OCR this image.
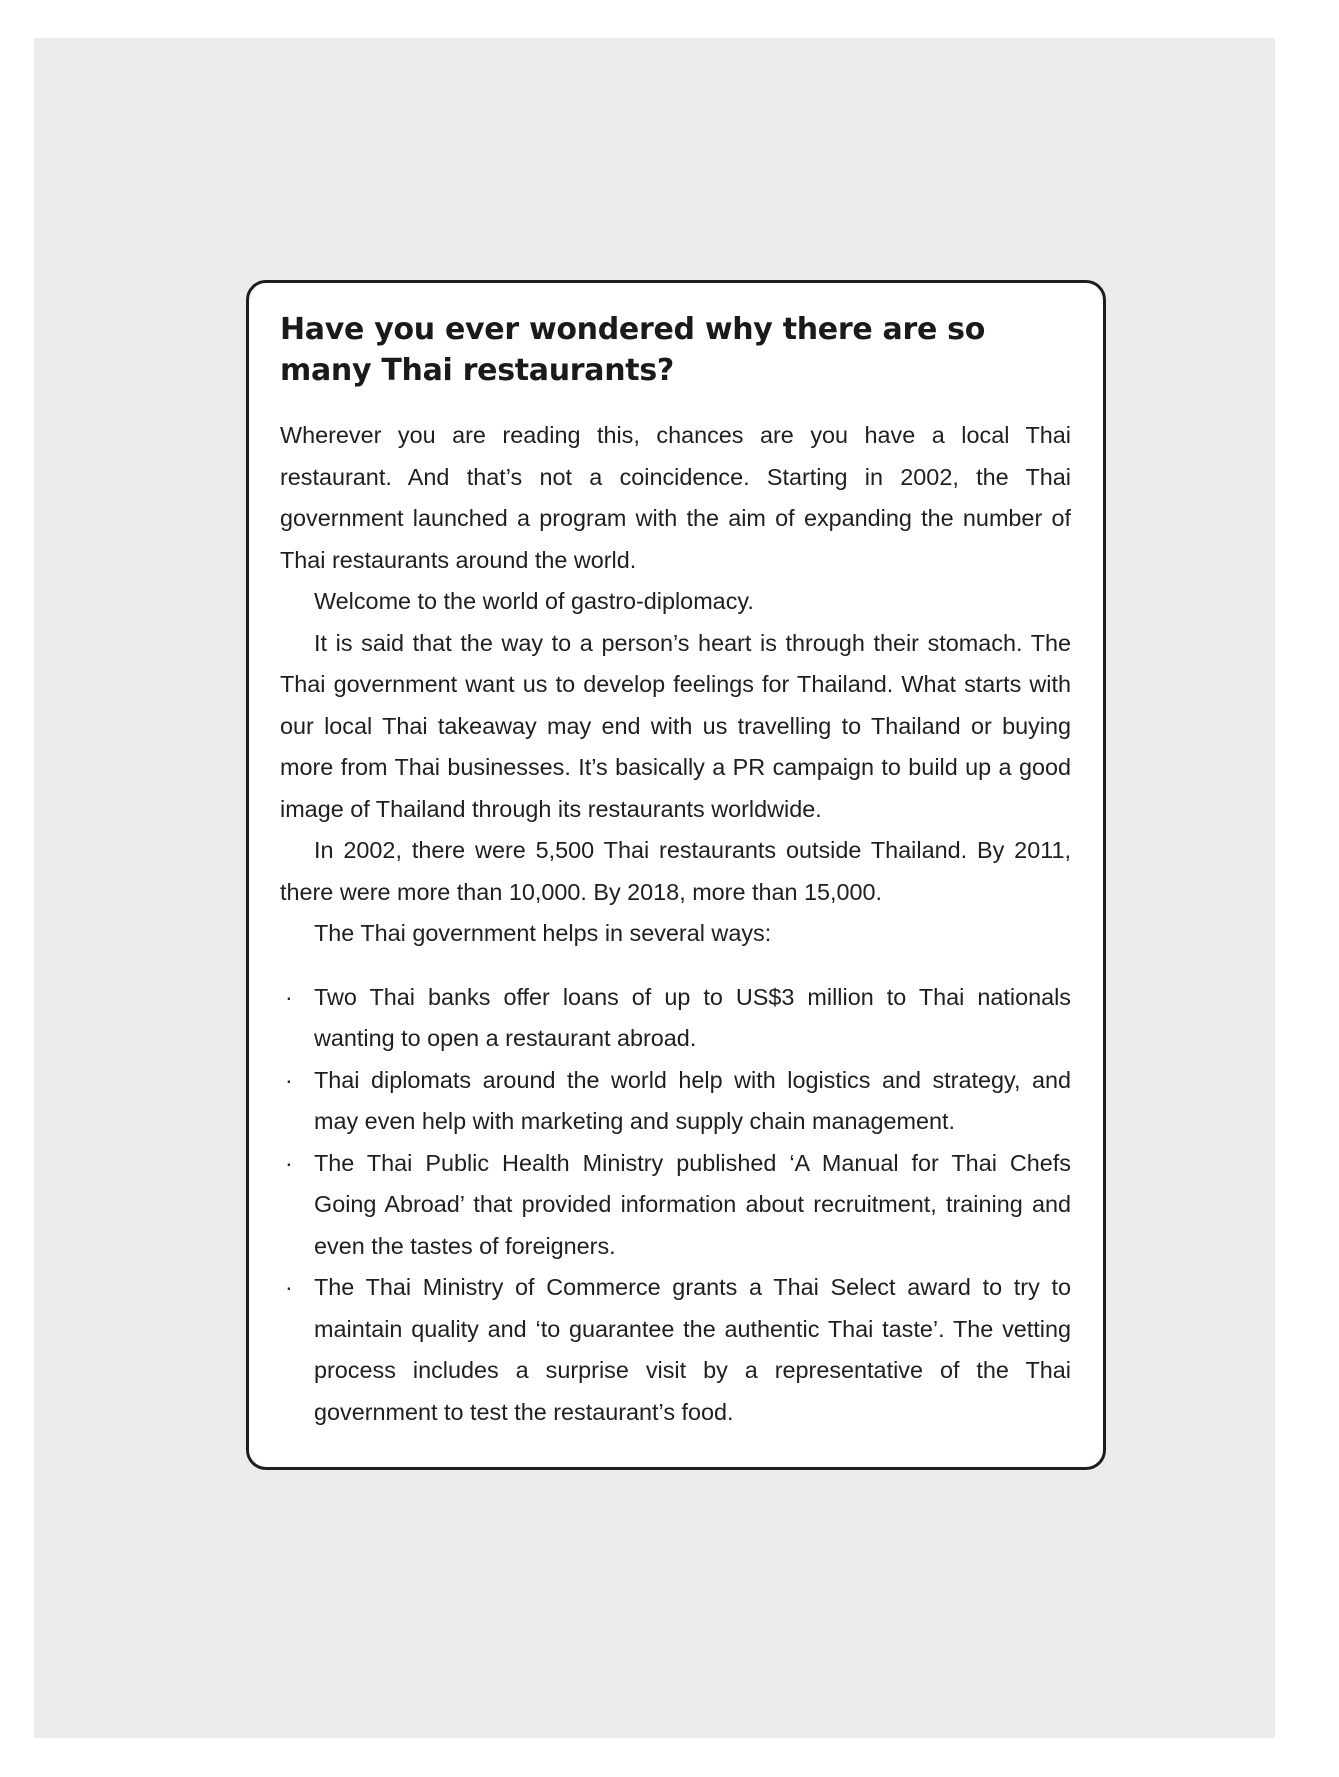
Have you ever wondered why there are so many Thai restaurants?

Wherever you are reading this, chances are you have a local Thai restaurant. And that’s not a coincidence. Starting in 2002, the Thai government launched a program with the aim of expanding the number of Thai restaurants around the world.

Welcome to the world of gastro-diplomacy.

It is said that the way to a person’s heart is through their stomach. The Thai government want us to develop feelings for Thailand. What starts with our local Thai takeaway may end with us travelling to Thailand or buying more from Thai businesses. It’s basically a PR campaign to build up a good image of Thailand through its restaurants worldwide.

In 2002, there were 5,500 Thai restaurants outside Thailand. By 2011, there were more than 10,000. By 2018, more than 15,000.

The Thai government helps in several ways:

· Two Thai banks offer loans of up to US$3 million to Thai nationals wanting to open a restaurant abroad.
· Thai diplomats around the world help with logistics and strategy, and may even help with marketing and supply chain management.
· The Thai Public Health Ministry published ‘A Manual for Thai Chefs Going Abroad’ that provided information about recruitment, training and even the tastes of foreigners.
· The Thai Ministry of Commerce grants a Thai Select award to try to maintain quality and ‘to guarantee the authentic Thai taste’. The vetting process includes a surprise visit by a representative of the Thai government to test the restaurant’s food.
